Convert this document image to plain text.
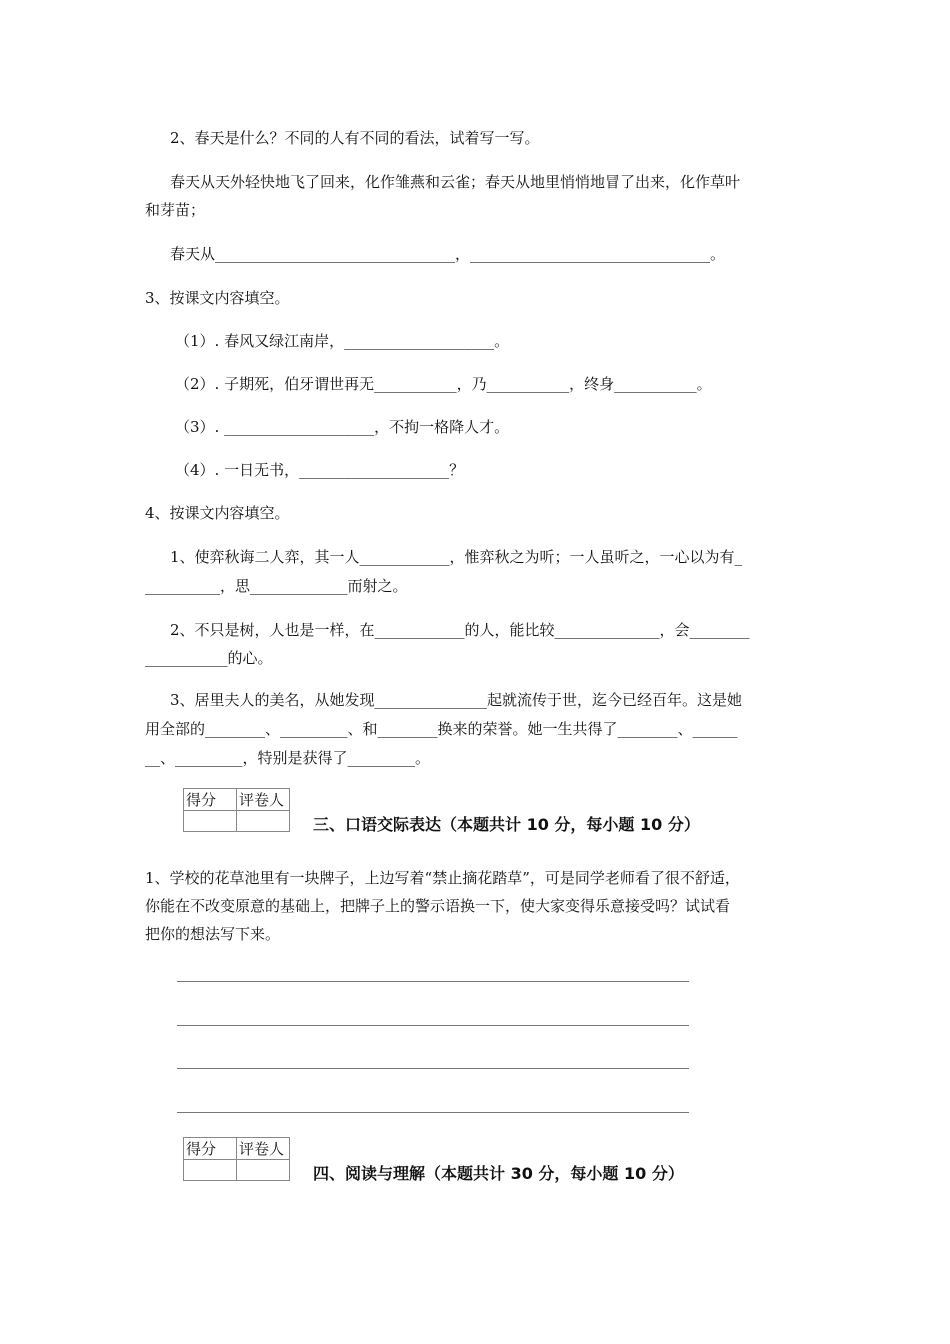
2、春天是什么？不同的人有不同的看法，试着写一写。
春天从天外轻快地飞了回来，化作雏燕和云雀；春天从地里悄悄地冒了出来，化作草叶
和芽苗；
春天从________________________________，________________________________。
3、按课文内容填空。
（1）. 春风又绿江南岸，____________________。
（2）. 子期死，伯牙谓世再无___________，乃___________，终身___________。
（3）. ____________________，不拘一格降人才。
（4）. 一日无书，____________________？
4、按课文内容填空。
1、使弈秋诲二人弈，其一人____________，惟弈秋之为听；一人虽听之，一心以为有_
__________，思_____________而射之。
2、不只是树，人也是一样，在____________的人，能比较______________，会________
___________的心。
3、居里夫人的美名，从她发现_______________起就流传于世，迄今已经百年。这是她
用全部的________、_________、和________换来的荣誉。她一生共得了________、______
__、_________，特别是获得了_________。
得分	评卷人

三、口语交际表达（本题共计 10 分，每小题 10 分）
1、学校的花草池里有一块牌子，上边写着“禁止摘花踏草”，可是同学老师看了很不舒适，
你能在不改变原意的基础上，把牌子上的警示语换一下，使大家变得乐意接受吗？试试看
把你的想法写下来。
得分	评卷人

四、阅读与理解（本题共计 30 分，每小题 10 分）
